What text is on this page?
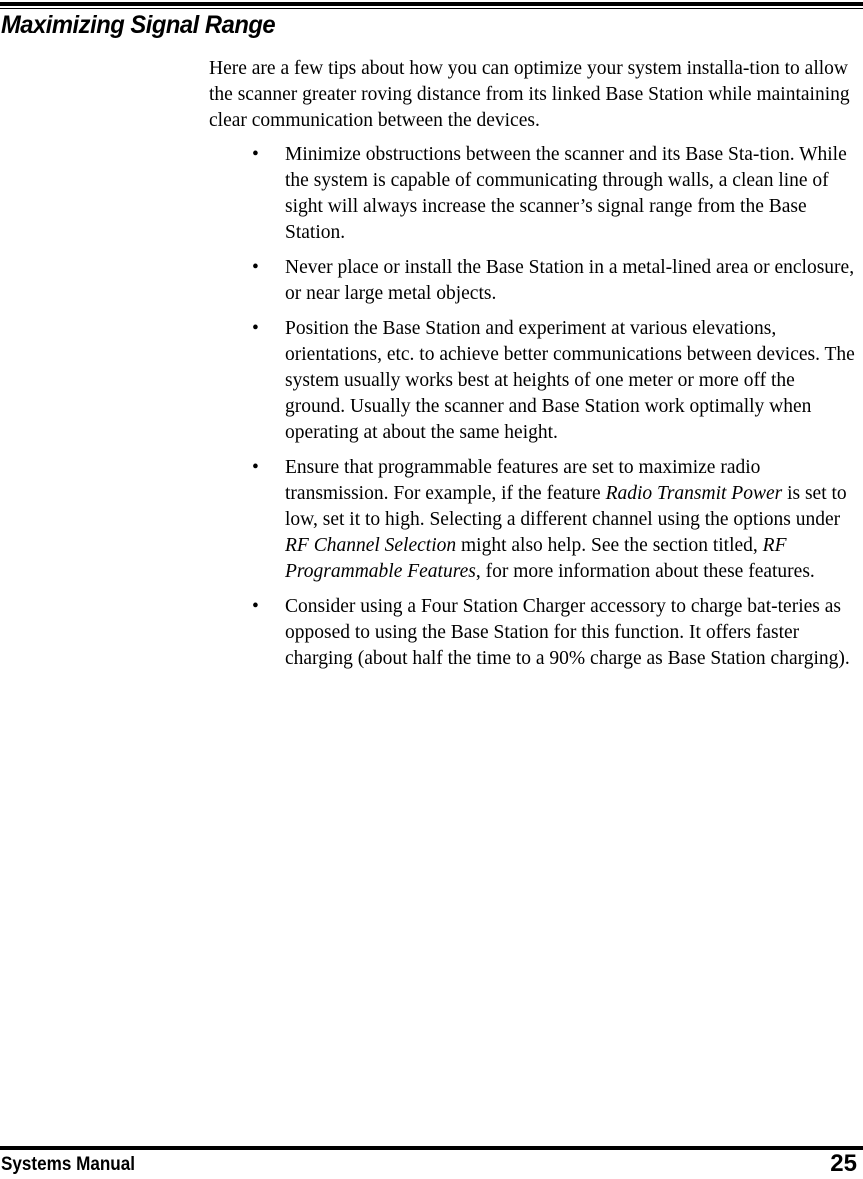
Maximizing Signal Range

Here are a few tips about how you can optimize your system installa-tion to allow the scanner greater roving distance from its linked Base Station while maintaining clear communication between the devices.

• Minimize obstructions between the scanner and its Base Sta-tion. While the system is capable of communicating through walls, a clean line of sight will always increase the scanner’s signal range from the Base Station.
• Never place or install the Base Station in a metal-lined area or enclosure, or near large metal objects.
• Position the Base Station and experiment at various elevations, orientations, etc. to achieve better communications between devices. The system usually works best at heights of one meter or more off the ground. Usually the scanner and Base Station work optimally when operating at about the same height.
• Ensure that programmable features are set to maximize radio transmission. For example, if the feature Radio Transmit Power is set to low, set it to high. Selecting a different channel using the options under RF Channel Selection might also help. See the section titled, RF Programmable Features, for more information about these features.
• Consider using a Four Station Charger accessory to charge bat-teries as opposed to using the Base Station for this function. It offers faster charging (about half the time to a 90% charge as Base Station charging).
Systems Manual	25
